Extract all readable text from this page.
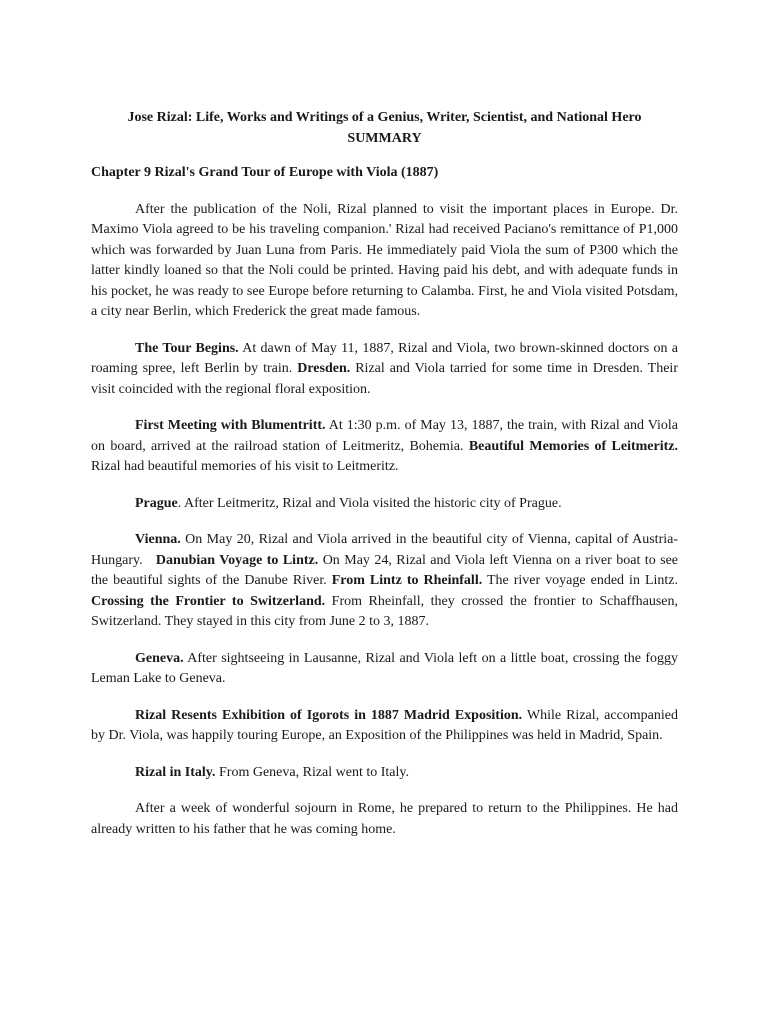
Jose Rizal: Life, Works and Writings of a Genius, Writer, Scientist, and National Hero
SUMMARY

Chapter 9 Rizal's Grand Tour of Europe with Viola (1887)

After the publication of the Noli, Rizal planned to visit the important places in Europe. Dr. Maximo Viola agreed to be his traveling companion.' Rizal had received Paciano's remittance of P1,000 which was forwarded by Juan Luna from Paris. He immediately paid Viola the sum of P300 which the latter kindly loaned so that the Noli could be printed. Having paid his debt, and with adequate funds in his pocket, he was ready to see Europe before returning to Calamba. First, he and Viola visited Potsdam, a city near Berlin, which Frederick the great made famous.

The Tour Begins. At dawn of May 11, 1887, Rizal and Viola, two brown-skinned doctors on a roaming spree, left Berlin by train. Dresden. Rizal and Viola tarried for some time in Dresden. Their visit coincided with the regional floral exposition.

First Meeting with Blumentritt. At 1:30 p.m. of May 13, 1887, the train, with Rizal and Viola on board, arrived at the railroad station of Leitmeritz, Bohemia. Beautiful Memories of Leitmeritz. Rizal had beautiful memories of his visit to Leitmeritz.

Prague. After Leitmeritz, Rizal and Viola visited the historic city of Prague.

Vienna. On May 20, Rizal and Viola arrived in the beautiful city of Vienna, capital of Austria-Hungary.   Danubian Voyage to Lintz. On May 24, Rizal and Viola left Vienna on a river boat to see the beautiful sights of the Danube River. From Lintz to Rheinfall. The river voyage ended in Lintz. Crossing the Frontier to Switzerland. From Rheinfall, they crossed the frontier to Schaffhausen, Switzerland. They stayed in this city from June 2 to 3, 1887.

Geneva. After sightseeing in Lausanne, Rizal and Viola left on a little boat, crossing the foggy Leman Lake to Geneva.

Rizal Resents Exhibition of Igorots in 1887 Madrid Exposition. While Rizal, accompanied by Dr. Viola, was happily touring Europe, an Exposition of the Philippines was held in Madrid, Spain.

Rizal in Italy. From Geneva, Rizal went to Italy.

After a week of wonderful sojourn in Rome, he prepared to return to the Philippines. He had already written to his father that he was coming home.
